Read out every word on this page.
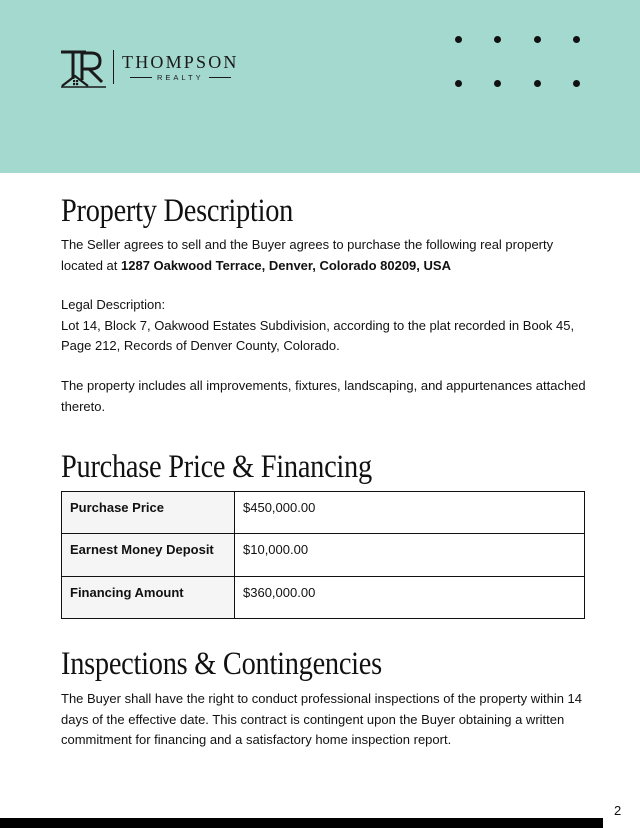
THOMPSON
REALTY
Property Description

The Seller agrees to sell and the Buyer agrees to purchase the following real property located at 1287 Oakwood Terrace, Denver, Colorado 80209, USA

Legal Description:
Lot 14, Block 7, Oakwood Estates Subdivision, according to the plat recorded in Book 45, Page 212, Records of Denver County, Colorado.

The property includes all improvements, fixtures, landscaping, and appurtenances attached thereto.

Purchase Price & Financing
Purchase Price	$450,000.00
Earnest Money Deposit	$10,000.00
Financing Amount	$360,000.00
Inspections & Contingencies

The Buyer shall have the right to conduct professional inspections of the property within 14 days of the effective date. This contract is contingent upon the Buyer obtaining a written commitment for financing and a satisfactory home inspection report.

2
